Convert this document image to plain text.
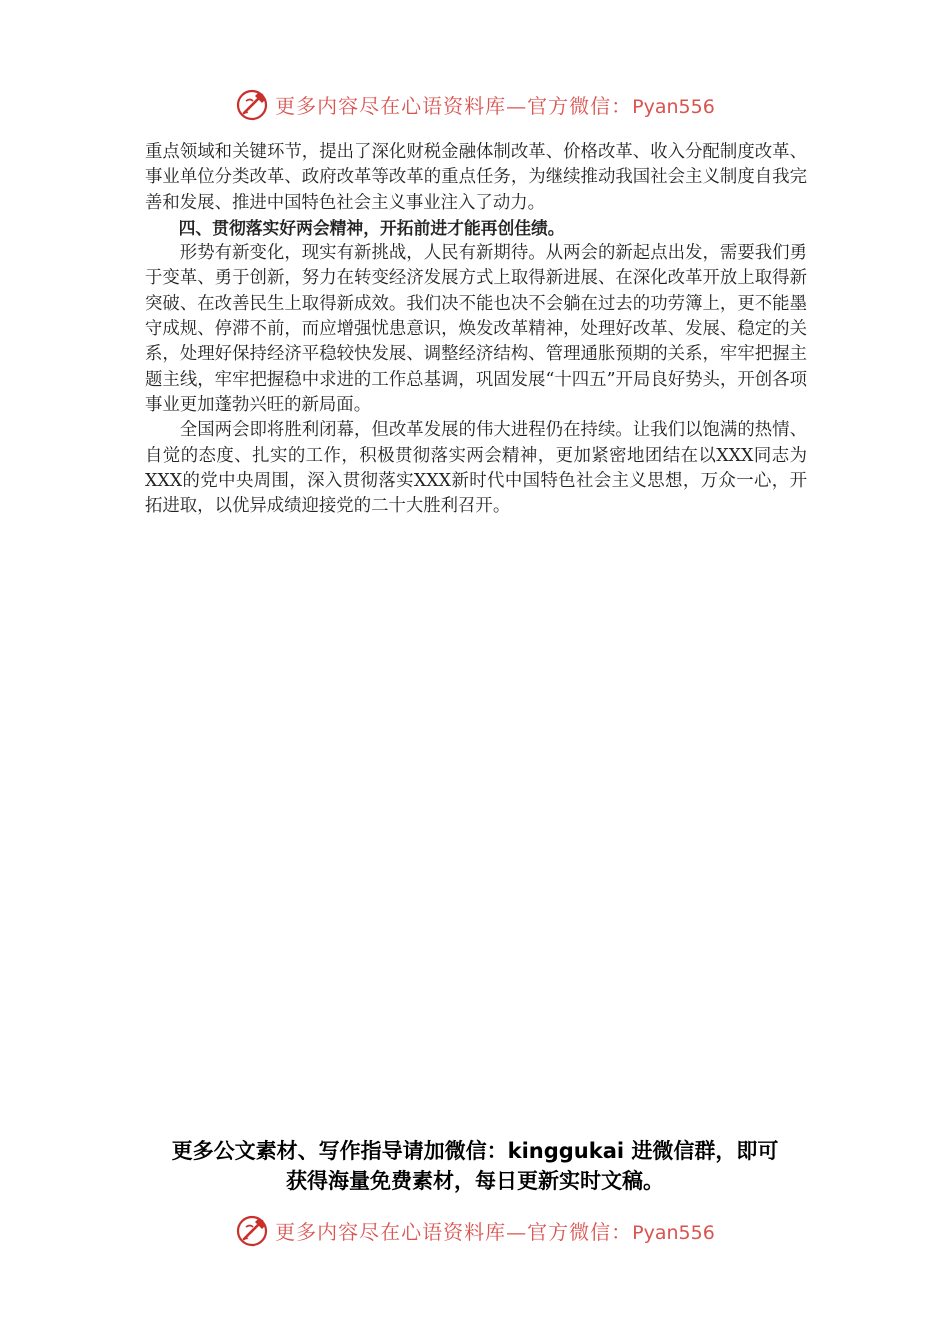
更多内容尽在心语资料库—官方微信：Pyan556

重点领域和关键环节，提出了深化财税金融体制改革、价格改革、收入分配制度改革、事业单位分类改革、政府改革等改革的重点任务，为继续推动我国社会主义制度自我完善和发展、推进中国特色社会主义事业注入了动力。

四、贯彻落实好两会精神，开拓前进才能再创佳绩。

形势有新变化，现实有新挑战，人民有新期待。从两会的新起点出发，需要我们勇于变革、勇于创新，努力在转变经济发展方式上取得新进展、在深化改革开放上取得新突破、在改善民生上取得新成效。我们决不能也决不会躺在过去的功劳簿上，更不能墨守成规、停滞不前，而应增强忧患意识，焕发改革精神，处理好改革、发展、稳定的关系，处理好保持经济平稳较快发展、调整经济结构、管理通胀预期的关系，牢牢把握主题主线，牢牢把握稳中求进的工作总基调，巩固发展“十四五”开局良好势头，开创各项事业更加蓬勃兴旺的新局面。

全国两会即将胜利闭幕，但改革发展的伟大进程仍在持续。让我们以饱满的热情、自觉的态度、扎实的工作，积极贯彻落实两会精神，更加紧密地团结在以XXX同志为XXX的党中央周围，深入贯彻落实XXX新时代中国特色社会主义思想，万众一心，开拓进取，以优异成绩迎接党的二十大胜利召开。

更多公文素材、写作指导请加微信：kinggukai 进微信群，即可
获得海量免费素材，每日更新实时文稿。
更多内容尽在心语资料库—官方微信：Pyan556
